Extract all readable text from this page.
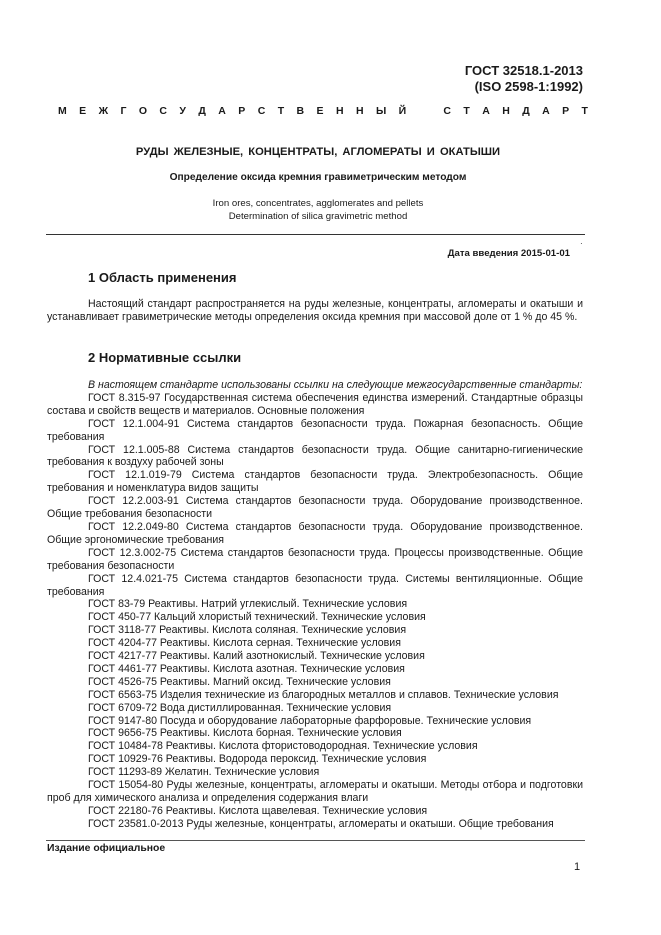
ГОСТ 32518.1-2013
(ISO 2598-1:1992)
М Е Ж Г О С У Д А Р С Т В Е Н Н Ы Й	С Т А Н Д А Р Т
РУДЫ ЖЕЛЕЗНЫЕ, КОНЦЕНТРАТЫ, АГЛОМЕРАТЫ И ОКАТЫШИ
Определение оксида кремния гравиметрическим методом
Iron ores, concentrates, agglomerates and pellets
Determination of silica gravimetric method
·
Дата введения 2015-01-01
1 Область применения

Настоящий стандарт распространяется на руды железные, концентраты, агломераты и окатыши и устанавливает гравиметрические методы определения оксида кремния при массовой доле от 1 % до 45 %.

2 Нормативные ссылки

В настоящем стандарте использованы ссылки на следующие межгосударственные стандарты:

ГОСТ 8.315-97 Государственная система обеспечения единства измерений. Стандартные образцы состава и свойств веществ и материалов. Основные положения

ГОСТ 12.1.004-91 Система стандартов безопасности труда. Пожарная безопасность. Общие требования

ГОСТ 12.1.005-88 Система стандартов безопасности труда. Общие санитарно-гигиенические требования к воздуху рабочей зоны

ГОСТ 12.1.019-79 Система стандартов безопасности труда. Электробезопасность. Общие требования и номенклатура видов защиты

ГОСТ 12.2.003-91 Система стандартов безопасности труда. Оборудование производственное. Общие требования безопасности

ГОСТ 12.2.049-80 Система стандартов безопасности труда. Оборудование производственное. Общие эргономические требования

ГОСТ 12.3.002-75 Система стандартов безопасности труда. Процессы производственные. Общие требования безопасности

ГОСТ 12.4.021-75 Система стандартов безопасности труда. Системы вентиляционные. Общие требования

ГОСТ 83-79 Реактивы. Натрий углекислый. Технические условия

ГОСТ 450-77 Кальций хлористый технический. Технические условия

ГОСТ 3118-77 Реактивы. Кислота соляная. Технические условия

ГОСТ 4204-77 Реактивы. Кислота серная. Технические условия

ГОСТ 4217-77 Реактивы. Калий азотнокислый. Технические условия

ГОСТ 4461-77 Реактивы. Кислота азотная. Технические условия

ГОСТ 4526-75 Реактивы. Магний оксид. Технические условия

ГОСТ 6563-75 Изделия технические из благородных металлов и сплавов. Технические условия

ГОСТ 6709-72 Вода дистиллированная. Технические условия

ГОСТ 9147-80 Посуда и оборудование лабораторные фарфоровые. Технические условия

ГОСТ 9656-75 Реактивы. Кислота борная. Технические условия

ГОСТ 10484-78 Реактивы. Кислота фтористоводородная. Технические условия

ГОСТ 10929-76 Реактивы. Водорода пероксид. Технические условия

ГОСТ 11293-89 Желатин. Технические условия

ГОСТ 15054-80 Руды железные, концентраты, агломераты и окатыши. Методы отбора и подготовки проб для химического анализа и определения содержания влаги

ГОСТ 22180-76 Реактивы. Кислота щавелевая. Технические условия

ГОСТ 23581.0-2013 Руды железные, концентраты, агломераты и окатыши. Общие требования

Издание официальное
1
